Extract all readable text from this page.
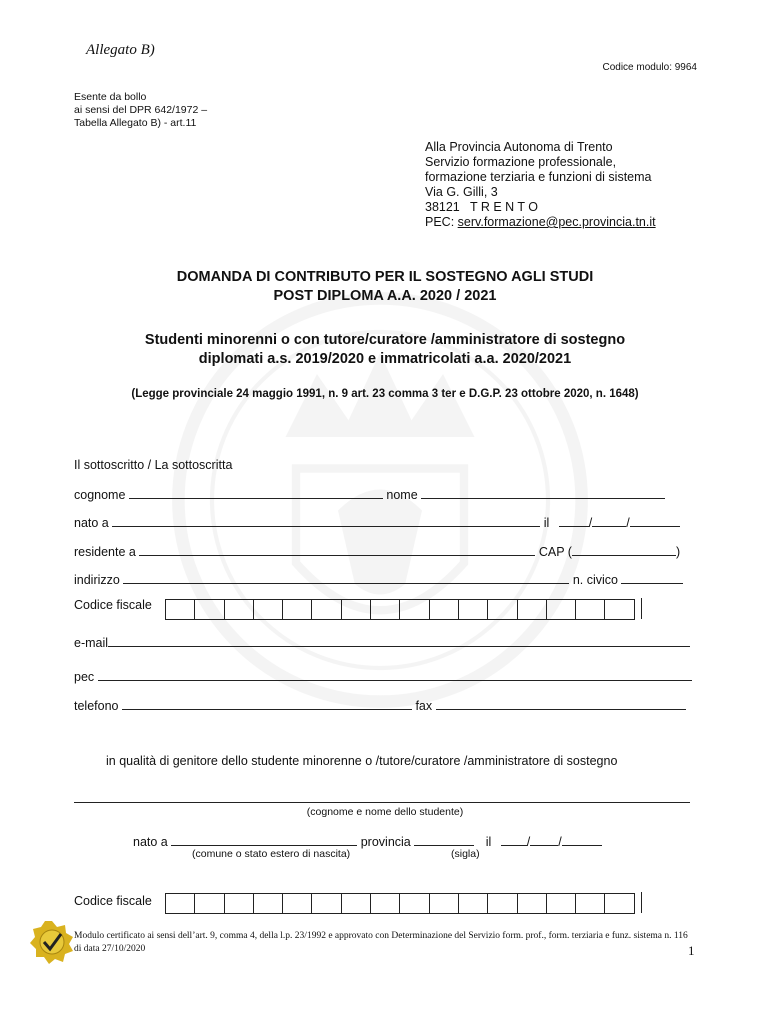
Allegato B)
Codice modulo: 9964
Esente da bollo
ai sensi del DPR 642/1972 –
Tabella Allegato B) - art.11
Alla Provincia Autonoma di Trento
Servizio formazione professionale,
formazione terziaria e funzioni di sistema
Via G. Gilli, 3
38121   T R E N T O
PEC: serv.formazione@pec.provincia.tn.it
DOMANDA DI CONTRIBUTO PER IL SOSTEGNO AGLI STUDI
POST DIPLOMA A.A. 2020 / 2021
Studenti minorenni o con tutore/curatore /amministratore di sostegno
diplomati a.s. 2019/2020 e immatricolati a.a. 2020/2021
(Legge provinciale 24 maggio 1991, n. 9 art. 23 comma 3 ter e D.G.P. 23 ottobre 2020, n. 1648)
Il sottoscritto / La sottoscritta
cognome	nome
nato a	il	/	/
residente a	CAP (	)
indirizzo	n. civico
Codice fiscale
e-mail
pec
telefono	fax
in qualità di genitore dello studente minorenne o /tutore/curatore /amministratore di sostegno
(cognome e nome dello studente)
nato a	provincia	il	/ /
(comune o stato estero di nascita)	(sigla)
Codice fiscale
Modulo certificato ai sensi dell’art. 9, comma 4, della l.p. 23/1992 e approvato con Determinazione del Servizio form. prof., form. terziaria e funz. sistema n. 116 di data 27/10/2020	1
